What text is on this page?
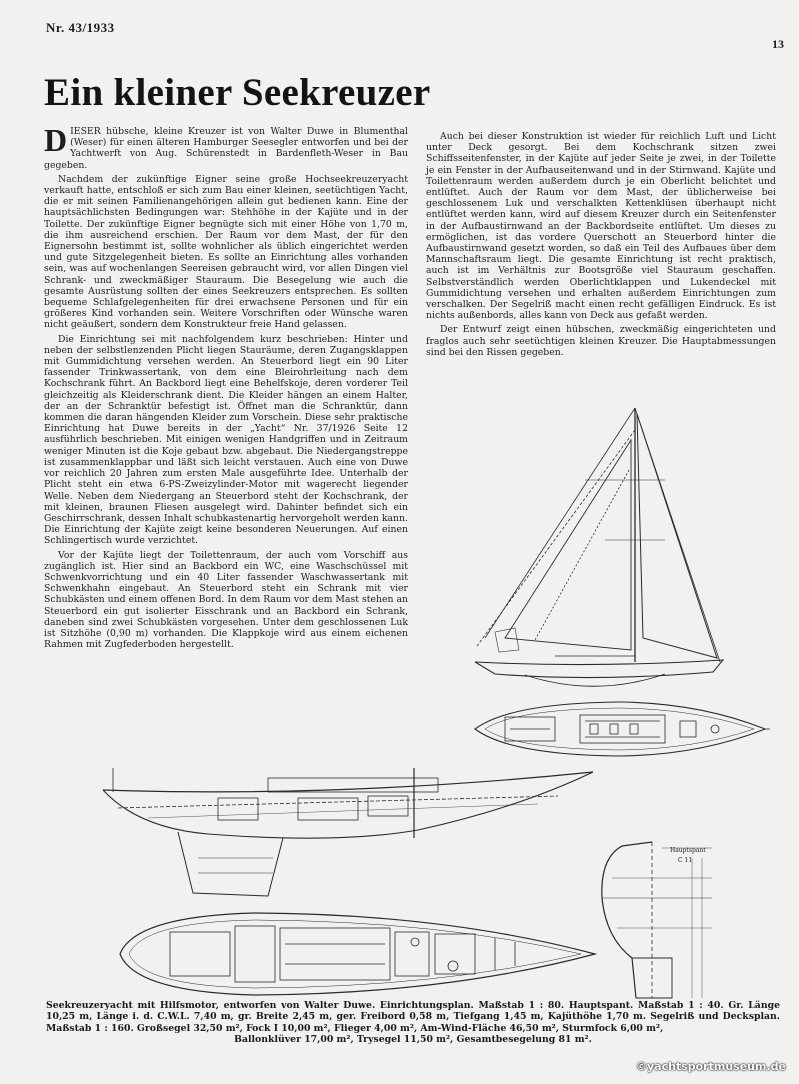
Nr. 43/1933
13
Ein kleiner Seekreuzer

DIESER hübsche, kleine Kreuzer ist von Walter Duwe in Blumenthal (Weser) für einen älteren Hamburger Seesegler entworfen und bei der Yachtwerft von Aug. Schürenstedt in Bardenfleth-Weser in Bau gegeben.

Nachdem der zukünftige Eigner seine große Hochseekreuzeryacht verkauft hatte, entschloß er sich zum Bau einer kleinen, seetüchtigen Yacht, die er mit seinen Familienangehörigen allein gut bedienen kann. Eine der hauptsächlichsten Bedingungen war: Stehhöhe in der Kajüte und in der Toilette. Der zukünftige Eigner begnügte sich mit einer Höhe von 1,70 m, die ihm ausreichend erschien. Der Raum vor dem Mast, der für den Eignersohn bestimmt ist, sollte wohnlicher als üblich eingerichtet werden und gute Sitzgelegenheit bieten. Es sollte an Einrichtung alles vorhanden sein, was auf wochenlangen Seereisen gebraucht wird, vor allen Dingen viel Schrank- und zweckmäßiger Stauraum. Die Besegelung wie auch die gesamte Ausrüstung sollten der eines Seekreuzers entsprechen. Es sollten bequeme Schlafgelegenheiten für drei erwachsene Personen und für ein größeres Kind vorhanden sein. Weitere Vorschriften oder Wünsche waren nicht geäußert, sondern dem Konstrukteur freie Hand gelassen.

Die Einrichtung sei mit nachfolgendem kurz beschrieben: Hinter und neben der selbstlenzenden Plicht liegen Stauräume, deren Zugangsklappen mit Gummidichtung versehen werden. An Steuerbord liegt ein 90 Liter fassender Trinkwassertank, von dem eine Bleirohrleitung nach dem Kochschrank führt. An Backbord liegt eine Behelfskoje, deren vorderer Teil gleichzeitig als Kleiderschrank dient. Die Kleider hängen an einem Halter, der an der Schranktür befestigt ist. Öffnet man die Schranktür, dann kommen die daran hängenden Kleider zum Vorschein. Diese sehr praktische Einrichtung hat Duwe bereits in der „Yacht“ Nr. 37/1926 Seite 12 ausführlich beschrieben. Mit einigen wenigen Handgriffen und in Zeitraum weniger Minuten ist die Koje gebaut bzw. abgebaut. Die Niedergangstreppe ist zusammenklappbar und läßt sich leicht verstauen. Auch eine von Duwe vor reichlich 20 Jahren zum ersten Male ausgeführte Idee. Unterhalb der Plicht steht ein etwa 6-PS-Zweizylinder-Motor mit wagerecht liegender Welle. Neben dem Niedergang an Steuerbord steht der Kochschrank, der mit kleinen, braunen Fliesen ausgelegt wird. Dahinter befindet sich ein Geschirrschrank, dessen Inhalt schubkastenartig hervorgeholt werden kann. Die Einrichtung der Kajüte zeigt keine besonderen Neuerungen. Auf einen Schlingertisch wurde verzichtet.

Vor der Kajüte liegt der Toilettenraum, der auch vom Vorschiff aus zugänglich ist. Hier sind an Backbord ein WC, eine Waschschüssel mit Schwenkvorrichtung und ein 40 Liter fassender Waschwassertank mit Schwenkhahn eingebaut. An Steuerbord steht ein Schrank mit vier Schubkästen und einem offenen Bord. In dem Raum vor dem Mast stehen an Steuerbord ein gut isolierter Eisschrank und an Backbord ein Schrank, daneben sind zwei Schubkästen vorgesehen. Unter dem geschlossenen Luk ist Sitzhöhe (0,90 m) vorhanden. Die Klappkoje wird aus einem eichenen Rahmen mit Zugfederboden hergestellt.

Auch bei dieser Konstruktion ist wieder für reichlich Luft und Licht unter Deck gesorgt. Bei dem Kochschrank sitzen zwei Schiffsseitenfenster, in der Kajüte auf jeder Seite je zwei, in der Toilette je ein Fenster in der Aufbauseitenwand und in der Stirnwand. Kajüte und Toilettenraum werden außerdem durch je ein Oberlicht belichtet und entlüftet. Auch der Raum vor dem Mast, der üblicherweise bei geschlossenem Luk und verschalkten Kettenklüsen überhaupt nicht entlüftet werden kann, wird auf diesem Kreuzer durch ein Seitenfenster in der Aufbaustirnwand an der Backbordseite entlüftet. Um dieses zu ermöglichen, ist das vordere Querschott an Steuerbord hinter die Aufbaustirnwand gesetzt worden, so daß ein Teil des Aufbaues über dem Mannschaftsraum liegt. Die gesamte Einrichtung ist recht praktisch, auch ist im Verhältnis zur Bootsgröße viel Stauraum geschaffen. Selbstverständlich werden Oberlichtklappen und Lukendeckel mit Gummidichtung versehen und erhalten außerdem Einrichtungen zum verschalken. Der Segelriß macht einen recht gefälligen Eindruck. Es ist nichts außenbords, alles kann von Deck aus gefaßt werden.

Der Entwurf zeigt einen hübschen, zweckmäßig eingerichteten und fraglos auch sehr seetüchtigen kleinen Kreuzer. Die Hauptabmessungen sind bei den Rissen gegeben.

Hauptspant
C 11
Seekreuzeryacht mit Hilfsmotor, entworfen von Walter Duwe. Einrichtungsplan. Maßstab 1 : 80. Hauptspant. Maßstab 1 : 40. Gr. Länge 10,25 m, Länge i. d. C.W.L. 7,40 m, gr. Breite 2,45 m, ger. Freibord 0,58 m, Tiefgang 1,45 m, Kajüthöhe 1,70 m. Segelriß und Decksplan. Maßstab 1 : 160. Großsegel 32,50 m², Fock I 10,00 m², Flieger 4,00 m², Am-Wind-Fläche 46,50 m², Sturmfock 6,00 m²,
Ballonklüver 17,00 m², Trysegel 11,50 m², Gesamtbesegelung 81 m².
©yachtsportmuseum.de
